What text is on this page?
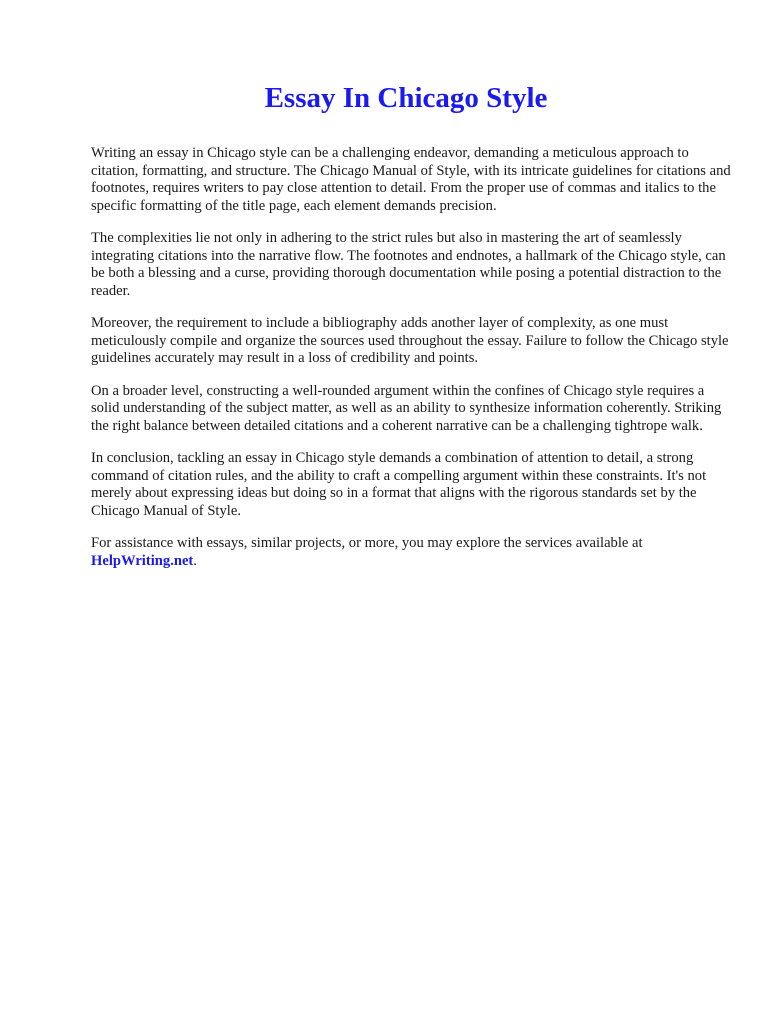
Essay In Chicago Style

Writing an essay in Chicago style can be a challenging endeavor, demanding a meticulous approach to citation, formatting, and structure. The Chicago Manual of Style, with its intricate guidelines for citations and footnotes, requires writers to pay close attention to detail. From the proper use of commas and italics to the specific formatting of the title page, each element demands precision.

The complexities lie not only in adhering to the strict rules but also in mastering the art of seamlessly integrating citations into the narrative flow. The footnotes and endnotes, a hallmark of the Chicago style, can be both a blessing and a curse, providing thorough documentation while posing a potential distraction to the reader.

Moreover, the requirement to include a bibliography adds another layer of complexity, as one must meticulously compile and organize the sources used throughout the essay. Failure to follow the Chicago style guidelines accurately may result in a loss of credibility and points.

On a broader level, constructing a well-rounded argument within the confines of Chicago style requires a solid understanding of the subject matter, as well as an ability to synthesize information coherently. Striking the right balance between detailed citations and a coherent narrative can be a challenging tightrope walk.

In conclusion, tackling an essay in Chicago style demands a combination of attention to detail, a strong command of citation rules, and the ability to craft a compelling argument within these constraints. It's not merely about expressing ideas but doing so in a format that aligns with the rigorous standards set by the Chicago Manual of Style.

For assistance with essays, similar projects, or more, you may explore the services available at HelpWriting.net.
